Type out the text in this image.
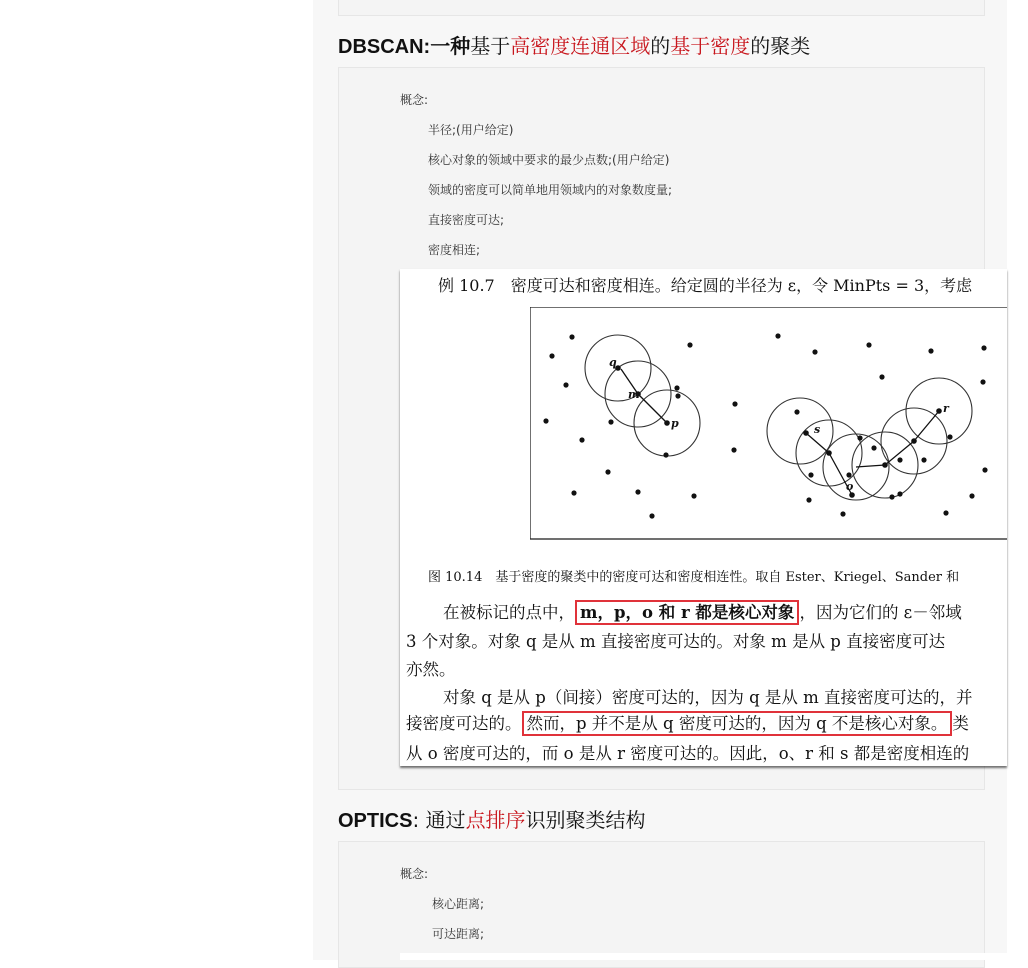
DBSCAN:一种基于高密度连通区域的基于密度的聚类
概念:
半径;(用户给定)
核心对象的领域中要求的最少点数;(用户给定)
领域的密度可以简单地用领域内的对象数度量;
直接密度可达;
密度相连;
例 10.7　密度可达和密度相连。给定圆的半径为 ε，令 MinPts = 3，考虑
q
m
p	s
r
o
图 10.14　基于密度的聚类中的密度可达和密度相连性。取自 Ester、Kriegel、Sander 和
在被标记的点中， m，p，o 和 r 都是核心对象 ，因为它们的 ε－邻域
3 个对象。对象 q 是从 m 直接密度可达的。对象 m 是从 p 直接密度可达
亦然。
对象 q 是从 p（间接）密度可达的，因为 q 是从 m 直接密度可达的，并
接密度可达的。 然而，p 并不是从 q 密度可达的，因为 q 不是核心对象。 类
从 o 密度可达的，而 o 是从 r 密度可达的。因此，o、r 和 s 都是密度相连的
OPTICS: 通过点排序识别聚类结构
概念:
核心距离;
可达距离;
